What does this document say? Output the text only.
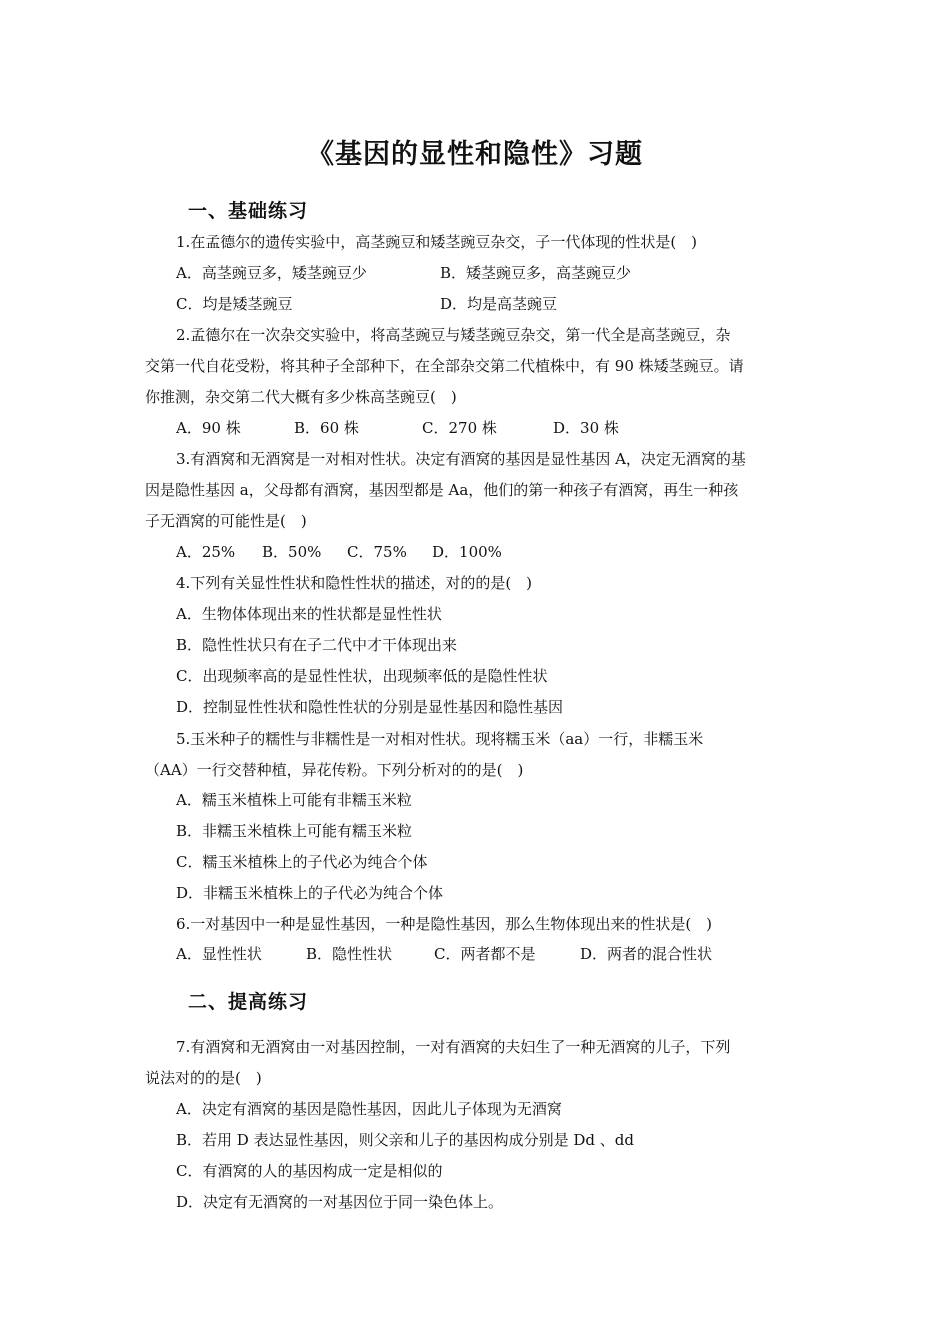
《基因的显性和隐性》习题
一、基础练习
1.在孟德尔的遗传实验中，高茎豌豆和矮茎豌豆杂交，子一代体现的性状是(　)
A．高茎豌豆多，矮茎豌豆少	B．矮茎豌豆多，高茎豌豆少
C．均是矮茎豌豆	D．均是高茎豌豆
2.孟德尔在一次杂交实验中，将高茎豌豆与矮茎豌豆杂交，第一代全是高茎豌豆，杂
交第一代自花受粉，将其种子全部种下，在全部杂交第二代植株中，有 90 株矮茎豌豆。请
你推测，杂交第二代大概有多少株高茎豌豆(　)
A．90 株	B．60 株	C．270 株	D．30 株
3.有酒窝和无酒窝是一对相对性状。决定有酒窝的基因是显性基因 A，决定无酒窝的基
因是隐性基因 a，父母都有酒窝，基因型都是 Aa，他们的第一种孩子有酒窝，再生一种孩
子无酒窝的可能性是(　)
A．25% B．50% C．75% D．100%
4.下列有关显性性状和隐性性状的描述，对的的是(　)
A．生物体体现出来的性状都是显性性状
B．隐性性状只有在子二代中才干体现出来
C．出现频率高的是显性性状，出现频率低的是隐性性状
D．控制显性性状和隐性性状的分别是显性基因和隐性基因
5.玉米种子的糯性与非糯性是一对相对性状。现将糯玉米（aa）一行，非糯玉米
（AA）一行交替种植，异花传粉。下列分析对的的是(　)
A．糯玉米植株上可能有非糯玉米粒
B．非糯玉米植株上可能有糯玉米粒
C．糯玉米植株上的子代必为纯合个体
D．非糯玉米植株上的子代必为纯合个体
6.一对基因中一种是显性基因，一种是隐性基因，那么生物体现出来的性状是(　)
A．显性性状	B．隐性性状	C．两者都不是	D．两者的混合性状
二、提高练习
7.有酒窝和无酒窝由一对基因控制，一对有酒窝的夫妇生了一种无酒窝的儿子，下列
说法对的的是(　)
A．决定有酒窝的基因是隐性基因，因此儿子体现为无酒窝
B．若用 D 表达显性基因，则父亲和儿子的基因构成分别是 Dd 、dd
C．有酒窝的人的基因构成一定是相似的
D．决定有无酒窝的一对基因位于同一染色体上。
